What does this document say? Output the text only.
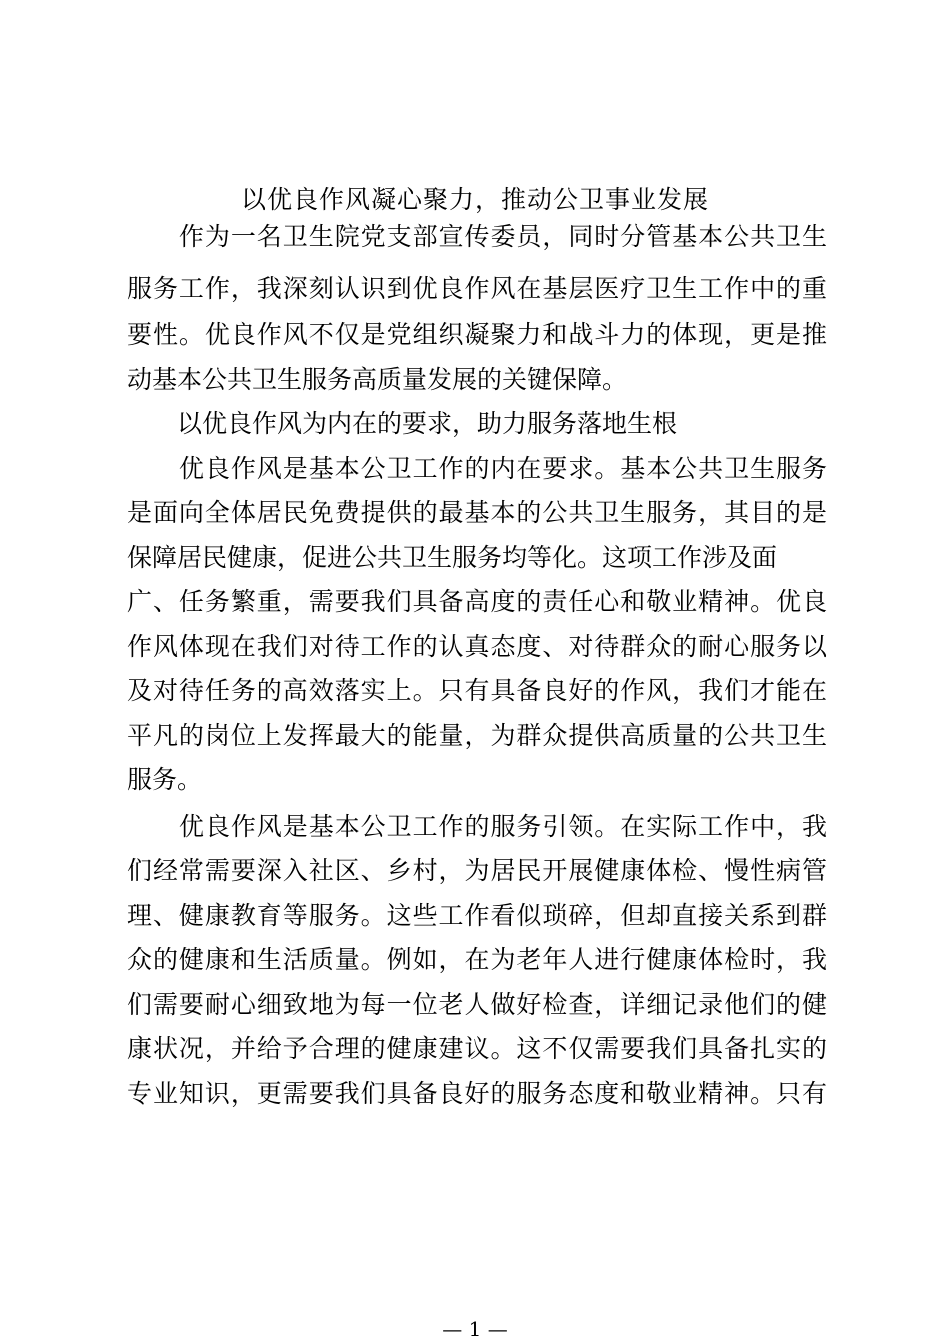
以优良作风凝心聚力，推动公卫事业发展
　　作为一名卫生院党支部宣传委员，同时分管基本公共卫生
服务工作，我深刻认识到优良作风在基层医疗卫生工作中的重
要性。优良作风不仅是党组织凝聚力和战斗力的体现，更是推
动基本公共卫生服务高质量发展的关键保障。
　　以优良作风为内在的要求，助力服务落地生根
　　优良作风是基本公卫工作的内在要求。基本公共卫生服务
是面向全体居民免费提供的最基本的公共卫生服务，其目的是
保障居民健康，促进公共卫生服务均等化。这项工作涉及面
广、任务繁重，需要我们具备高度的责任心和敬业精神。优良
作风体现在我们对待工作的认真态度、对待群众的耐心服务以
及对待任务的高效落实上。只有具备良好的作风，我们才能在
平凡的岗位上发挥最大的能量，为群众提供高质量的公共卫生
服务。
　　优良作风是基本公卫工作的服务引领。在实际工作中，我
们经常需要深入社区、乡村，为居民开展健康体检、慢性病管
理、健康教育等服务。这些工作看似琐碎，但却直接关系到群
众的健康和生活质量。例如，在为老年人进行健康体检时，我
们需要耐心细致地为每一位老人做好检查，详细记录他们的健
康状况，并给予合理的健康建议。这不仅需要我们具备扎实的
专业知识，更需要我们具备良好的服务态度和敬业精神。只有
— 1 —
